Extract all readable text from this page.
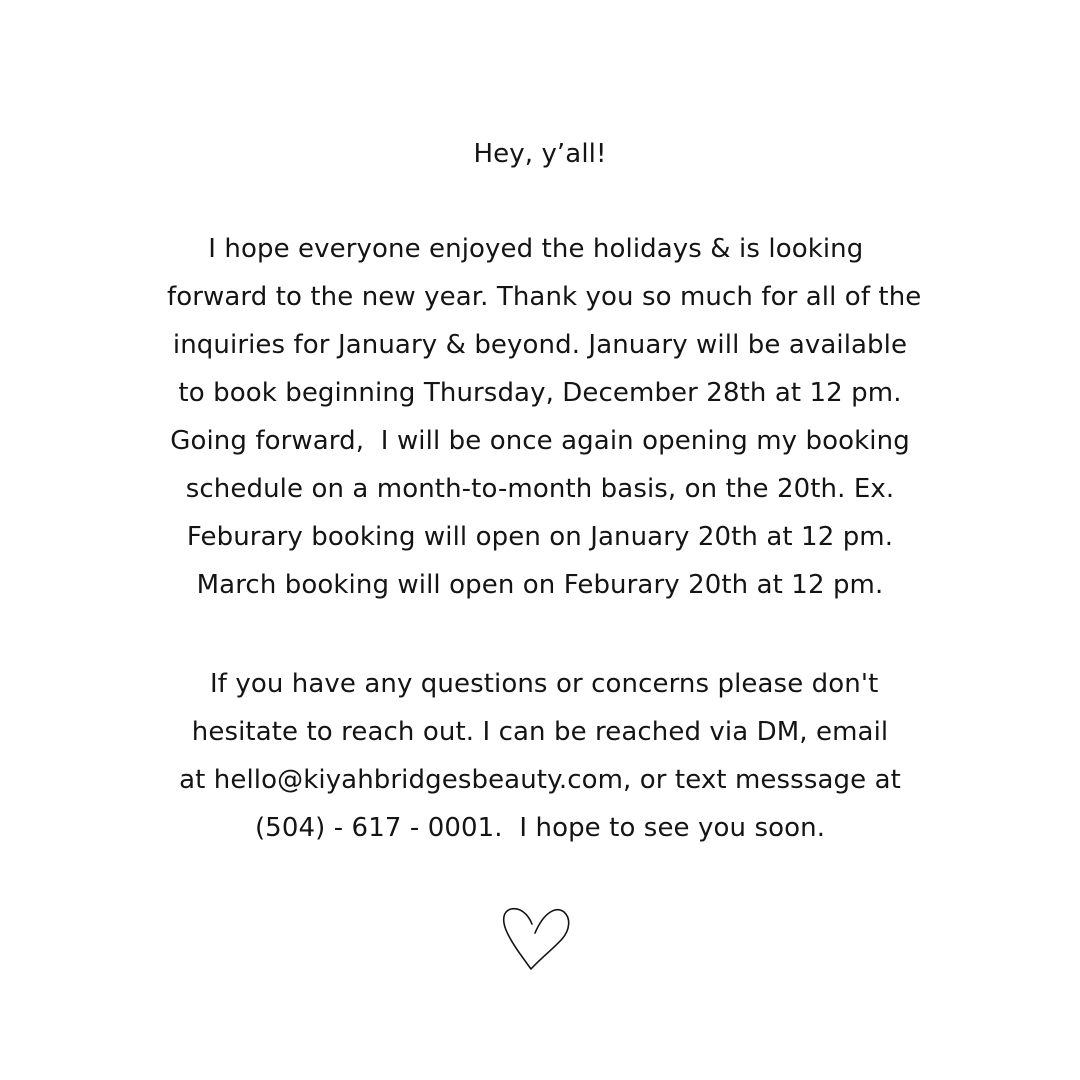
Hey, y’all!
I hope everyone enjoyed the holidays & is looking
forward to the new year. Thank you so much for all of the
inquiries for January & beyond. January will be available
to book beginning Thursday, December 28th at 12 pm.
Going forward,  I will be once again opening my booking
schedule on a month-to-month basis, on the 20th. Ex.
Feburary booking will open on January 20th at 12 pm.
March booking will open on Feburary 20th at 12 pm.
If you have any questions or concerns please don't
hesitate to reach out. I can be reached via DM, email
at hello@kiyahbridgesbeauty.com, or text messsage at
(504) - 617 - 0001.  I hope to see you soon.
